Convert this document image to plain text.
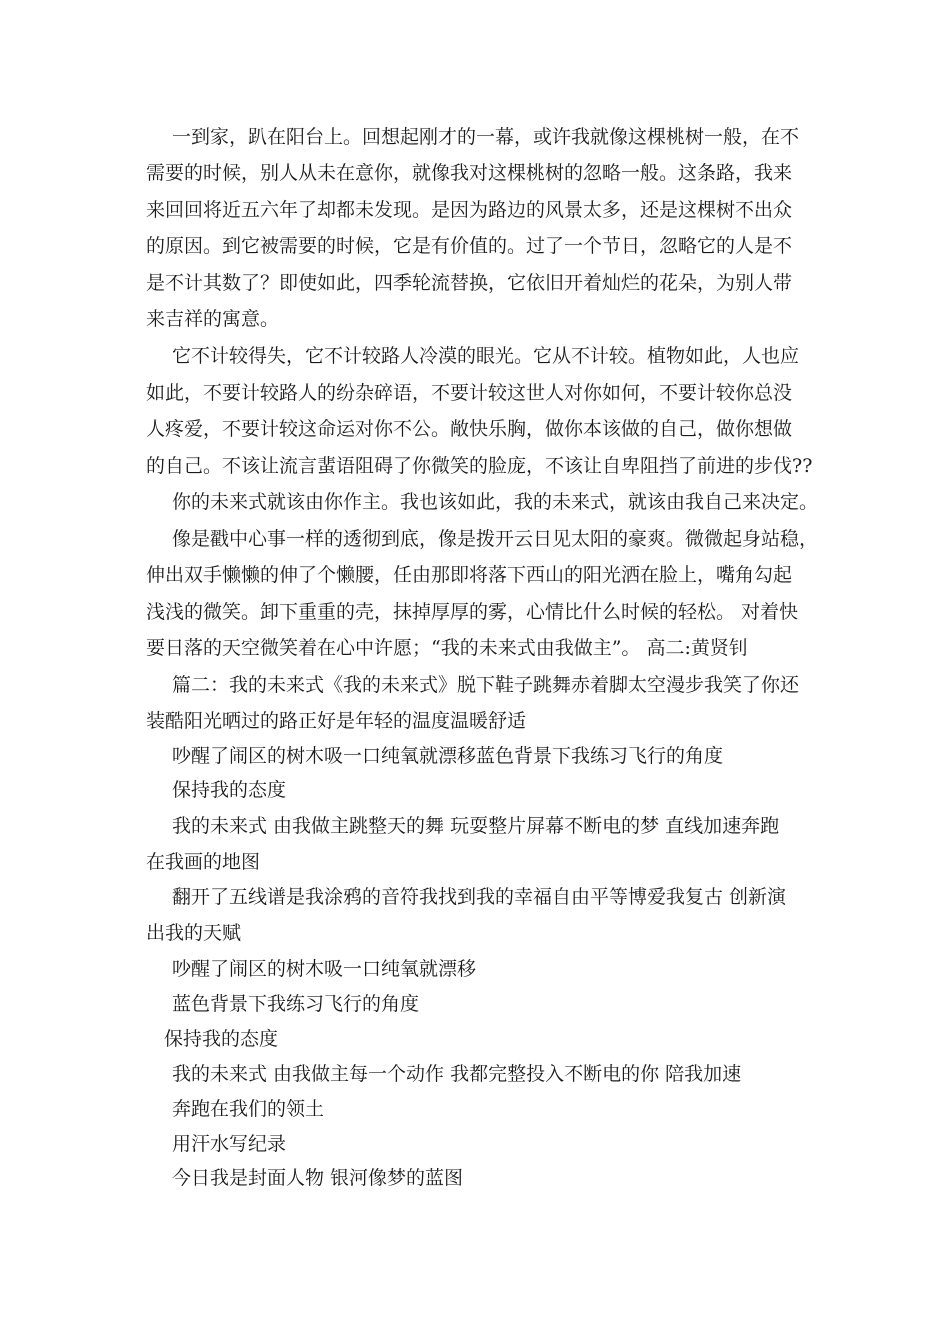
一到家，趴在阳台上。回想起刚才的一幕，或许我就像这棵桃树一般，在不
需要的时候，别人从未在意你，就像我对这棵桃树的忽略一般。这条路，我来
来回回将近五六年了却都未发现。是因为路边的风景太多，还是这棵树不出众
的原因。到它被需要的时候，它是有价值的。过了一个节日，忽略它的人是不
是不计其数了？即使如此，四季轮流替换，它依旧开着灿烂的花朵，为别人带
来吉祥的寓意。
它不计较得失，它不计较路人冷漠的眼光。它从不计较。植物如此，人也应
如此，不要计较路人的纷杂碎语，不要计较这世人对你如何，不要计较你总没
人疼爱，不要计较这命运对你不公。敞快乐胸，做你本该做的自己，做你想做
的自己。不该让流言蜚语阻碍了你微笑的脸庞，不该让自卑阻挡了前进的步伐??
你的未来式就该由你作主。我也该如此，我的未来式，就该由我自己来决定。
像是戳中心事一样的透彻到底，像是拨开云日见太阳的豪爽。微微起身站稳，
伸出双手懒懒的伸了个懒腰，任由那即将落下西山的阳光洒在脸上，嘴角勾起
浅浅的微笑。卸下重重的壳，抹掉厚厚的雾，心情比什么时候的轻松。 对着快
要日落的天空微笑着在心中许愿；“我的未来式由我做主”。 高二:黄贤钊
篇二：我的未来式《我的未来式》脱下鞋子跳舞赤着脚太空漫步我笑了你还
装酷阳光晒过的路正好是年轻的温度温暖舒适
吵醒了闹区的树木吸一口纯氧就漂移蓝色背景下我练习飞行的角度
保持我的态度
我的未来式 由我做主跳整天的舞 玩耍整片屏幕不断电的梦 直线加速奔跑
在我画的地图
翻开了五线谱是我涂鸦的音符我找到我的幸福自由平等博爱我复古 创新演
出我的天赋
吵醒了闹区的树木吸一口纯氧就漂移
蓝色背景下我练习飞行的角度
保持我的态度
我的未来式 由我做主每一个动作 我都完整投入不断电的你 陪我加速
奔跑在我们的领土
用汗水写纪录
今日我是封面人物 银河像梦的蓝图
